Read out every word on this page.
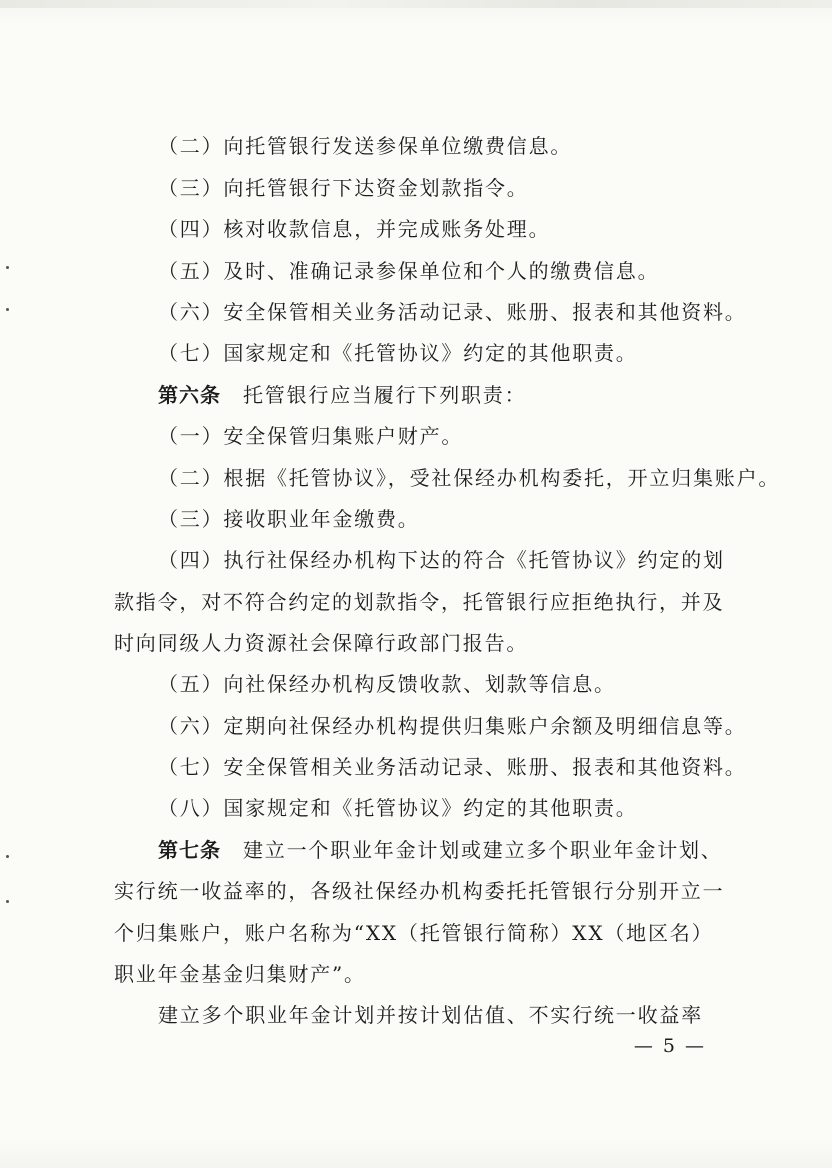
（二）向托管银行发送参保单位缴费信息。
（三）向托管银行下达资金划款指令。
（四）核对收款信息，并完成账务处理。
（五）及时、准确记录参保单位和个人的缴费信息。
（六）安全保管相关业务活动记录、账册、报表和其他资料。
（七）国家规定和《托管协议》约定的其他职责。
第六条 托管银行应当履行下列职责：
（一）安全保管归集账户财产。
（二）根据《托管协议》，受社保经办机构委托，开立归集账户。
（三）接收职业年金缴费。
（四）执行社保经办机构下达的符合《托管协议》约定的划
款指令，对不符合约定的划款指令，托管银行应拒绝执行，并及
时向同级人力资源社会保障行政部门报告。
（五）向社保经办机构反馈收款、划款等信息。
（六）定期向社保经办机构提供归集账户余额及明细信息等。
（七）安全保管相关业务活动记录、账册、报表和其他资料。
（八）国家规定和《托管协议》约定的其他职责。
第七条 建立一个职业年金计划或建立多个职业年金计划、
实行统一收益率的，各级社保经办机构委托托管银行分别开立一
个归集账户，账户名称为“XX（托管银行简称）XX（地区名）
职业年金基金归集财产”。
建立多个职业年金计划并按计划估值、不实行统一收益率
— 5 —
